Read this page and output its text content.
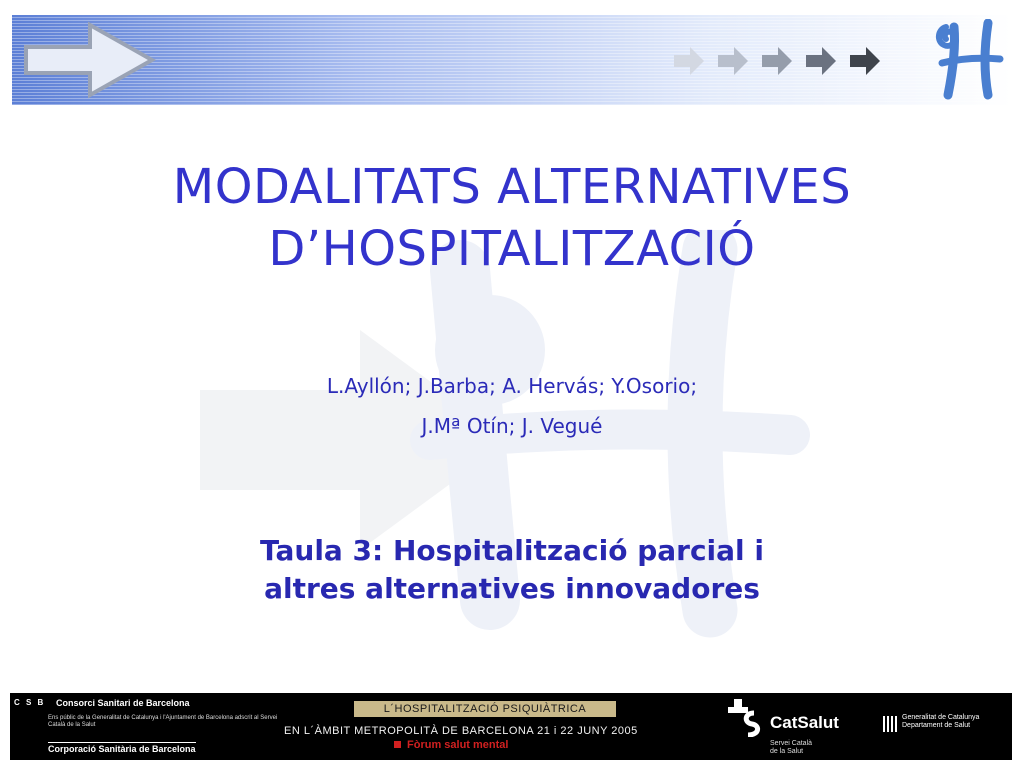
MODALITATS ALTERNATIVES
D’HOSPITALITZACIÓ
L.Ayllón; J.Barba; A. Hervás; Y.Osorio;
J.Mª Otín; J. Vegué
Taula 3: Hospitalització parcial i
altres alternatives innovadores
C S B Consorci Sanitari de Barcelona
Ens públic de la Generalitat de Catalunya i l'Ajuntament de Barcelona adscrit al Servei Català de la Salut
Corporació Sanitària de Barcelona
L´HOSPITALITZACIÓ PSIQUIÀTRICA
EN L´ÀMBIT METROPOLITÀ DE BARCELONA 21 i 22 JUNY 2005
Fòrum salut mental
CatSalut
Servei Català
de la Salut
Generalitat de Catalunya
Departament de Salut
